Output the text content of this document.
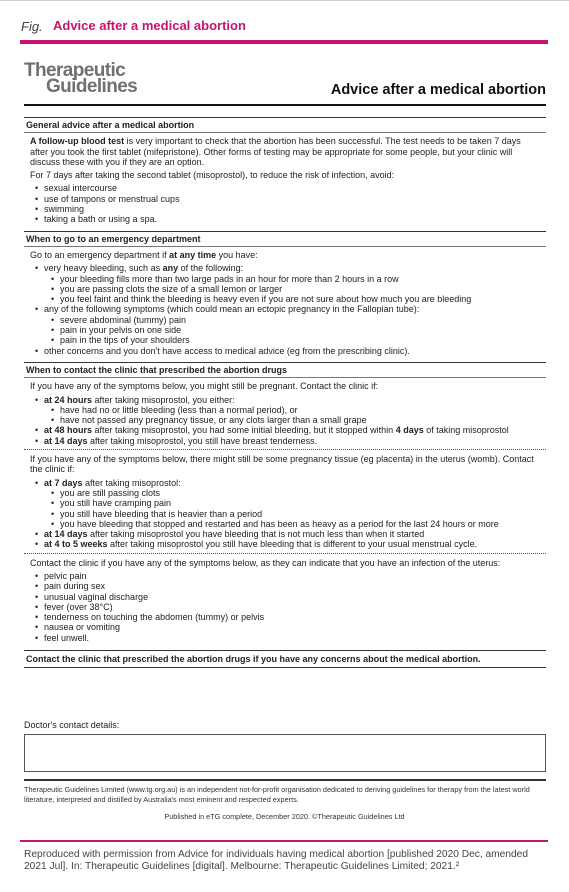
Fig. Advice after a medical abortion
Therapeutic
Guidelines	Advice after a medical abortion
General advice after a medical abortion

A follow-up blood test is very important to check that the abortion has been successful. The test needs to be taken 7 days after you took the first tablet (mifepristone). Other forms of testing may be appropriate for some people, but your clinic will discuss these with you if they are an option.

For 7 days after taking the second tablet (misoprostol), to reduce the risk of infection, avoid:

• sexual intercourse
• use of tampons or menstrual cups
• swimming
• taking a bath or using a spa.
When to go to an emergency department

Go to an emergency department if at any time you have:

• very heavy bleeding, such as any of the following:
• your bleeding fills more than two large pads in an hour for more than 2 hours in a row
• you are passing clots the size of a small lemon or larger
• you feel faint and think the bleeding is heavy even if you are not sure about how much you are bleeding
• any of the following symptoms (which could mean an ectopic pregnancy in the Fallopian tube):
• severe abdominal (tummy) pain
• pain in your pelvis on one side
• pain in the tips of your shoulders
• other concerns and you don't have access to medical advice (eg from the prescribing clinic).
When to contact the clinic that prescribed the abortion drugs

If you have any of the symptoms below, you might still be pregnant. Contact the clinic if:

• at 24 hours after taking misoprostol, you either:
• have had no or little bleeding (less than a normal period), or
• have not passed any pregnancy tissue, or any clots larger than a small grape
• at 48 hours after taking misoprostol, you had some initial bleeding, but it stopped within 4 days of taking misoprostol
• at 14 days after taking misoprostol, you still have breast tenderness.

If you have any of the symptoms below, there might still be some pregnancy tissue (eg placenta) in the uterus (womb). Contact the clinic if:

• at 7 days after taking misoprostol:
• you are still passing clots
• you still have cramping pain
• you still have bleeding that is heavier than a period
• you have bleeding that stopped and restarted and has been as heavy as a period for the last 24 hours or more
• at 14 days after taking misoprostol you have bleeding that is not much less than when it started
• at 4 to 5 weeks after taking misoprostol you still have bleeding that is different to your usual menstrual cycle.

Contact the clinic if you have any of the symptoms below, as they can indicate that you have an infection of the uterus:

• pelvic pain
• pain during sex
• unusual vaginal discharge
• fever (over 38°C)
• tenderness on touching the abdomen (tummy) or pelvis
• nausea or vomiting
• feel unwell.
Contact the clinic that prescribed the abortion drugs if you have any concerns about the medical abortion.
Doctor's contact details:
Therapeutic Guidelines Limited (www.tg.org.au) is an independent not-for-profit organisation dedicated to deriving guidelines for therapy from the latest world literature, interpreted and distilled by Australia's most eminent and respected experts.
Published in eTG complete, December 2020. ©Therapeutic Guidelines Ltd
Reproduced with permission from Advice for individuals having medical abortion [published 2020 Dec, amended 2021 Jul]. In: Therapeutic Guidelines [digital]. Melbourne: Therapeutic Guidelines Limited; 2021.²
